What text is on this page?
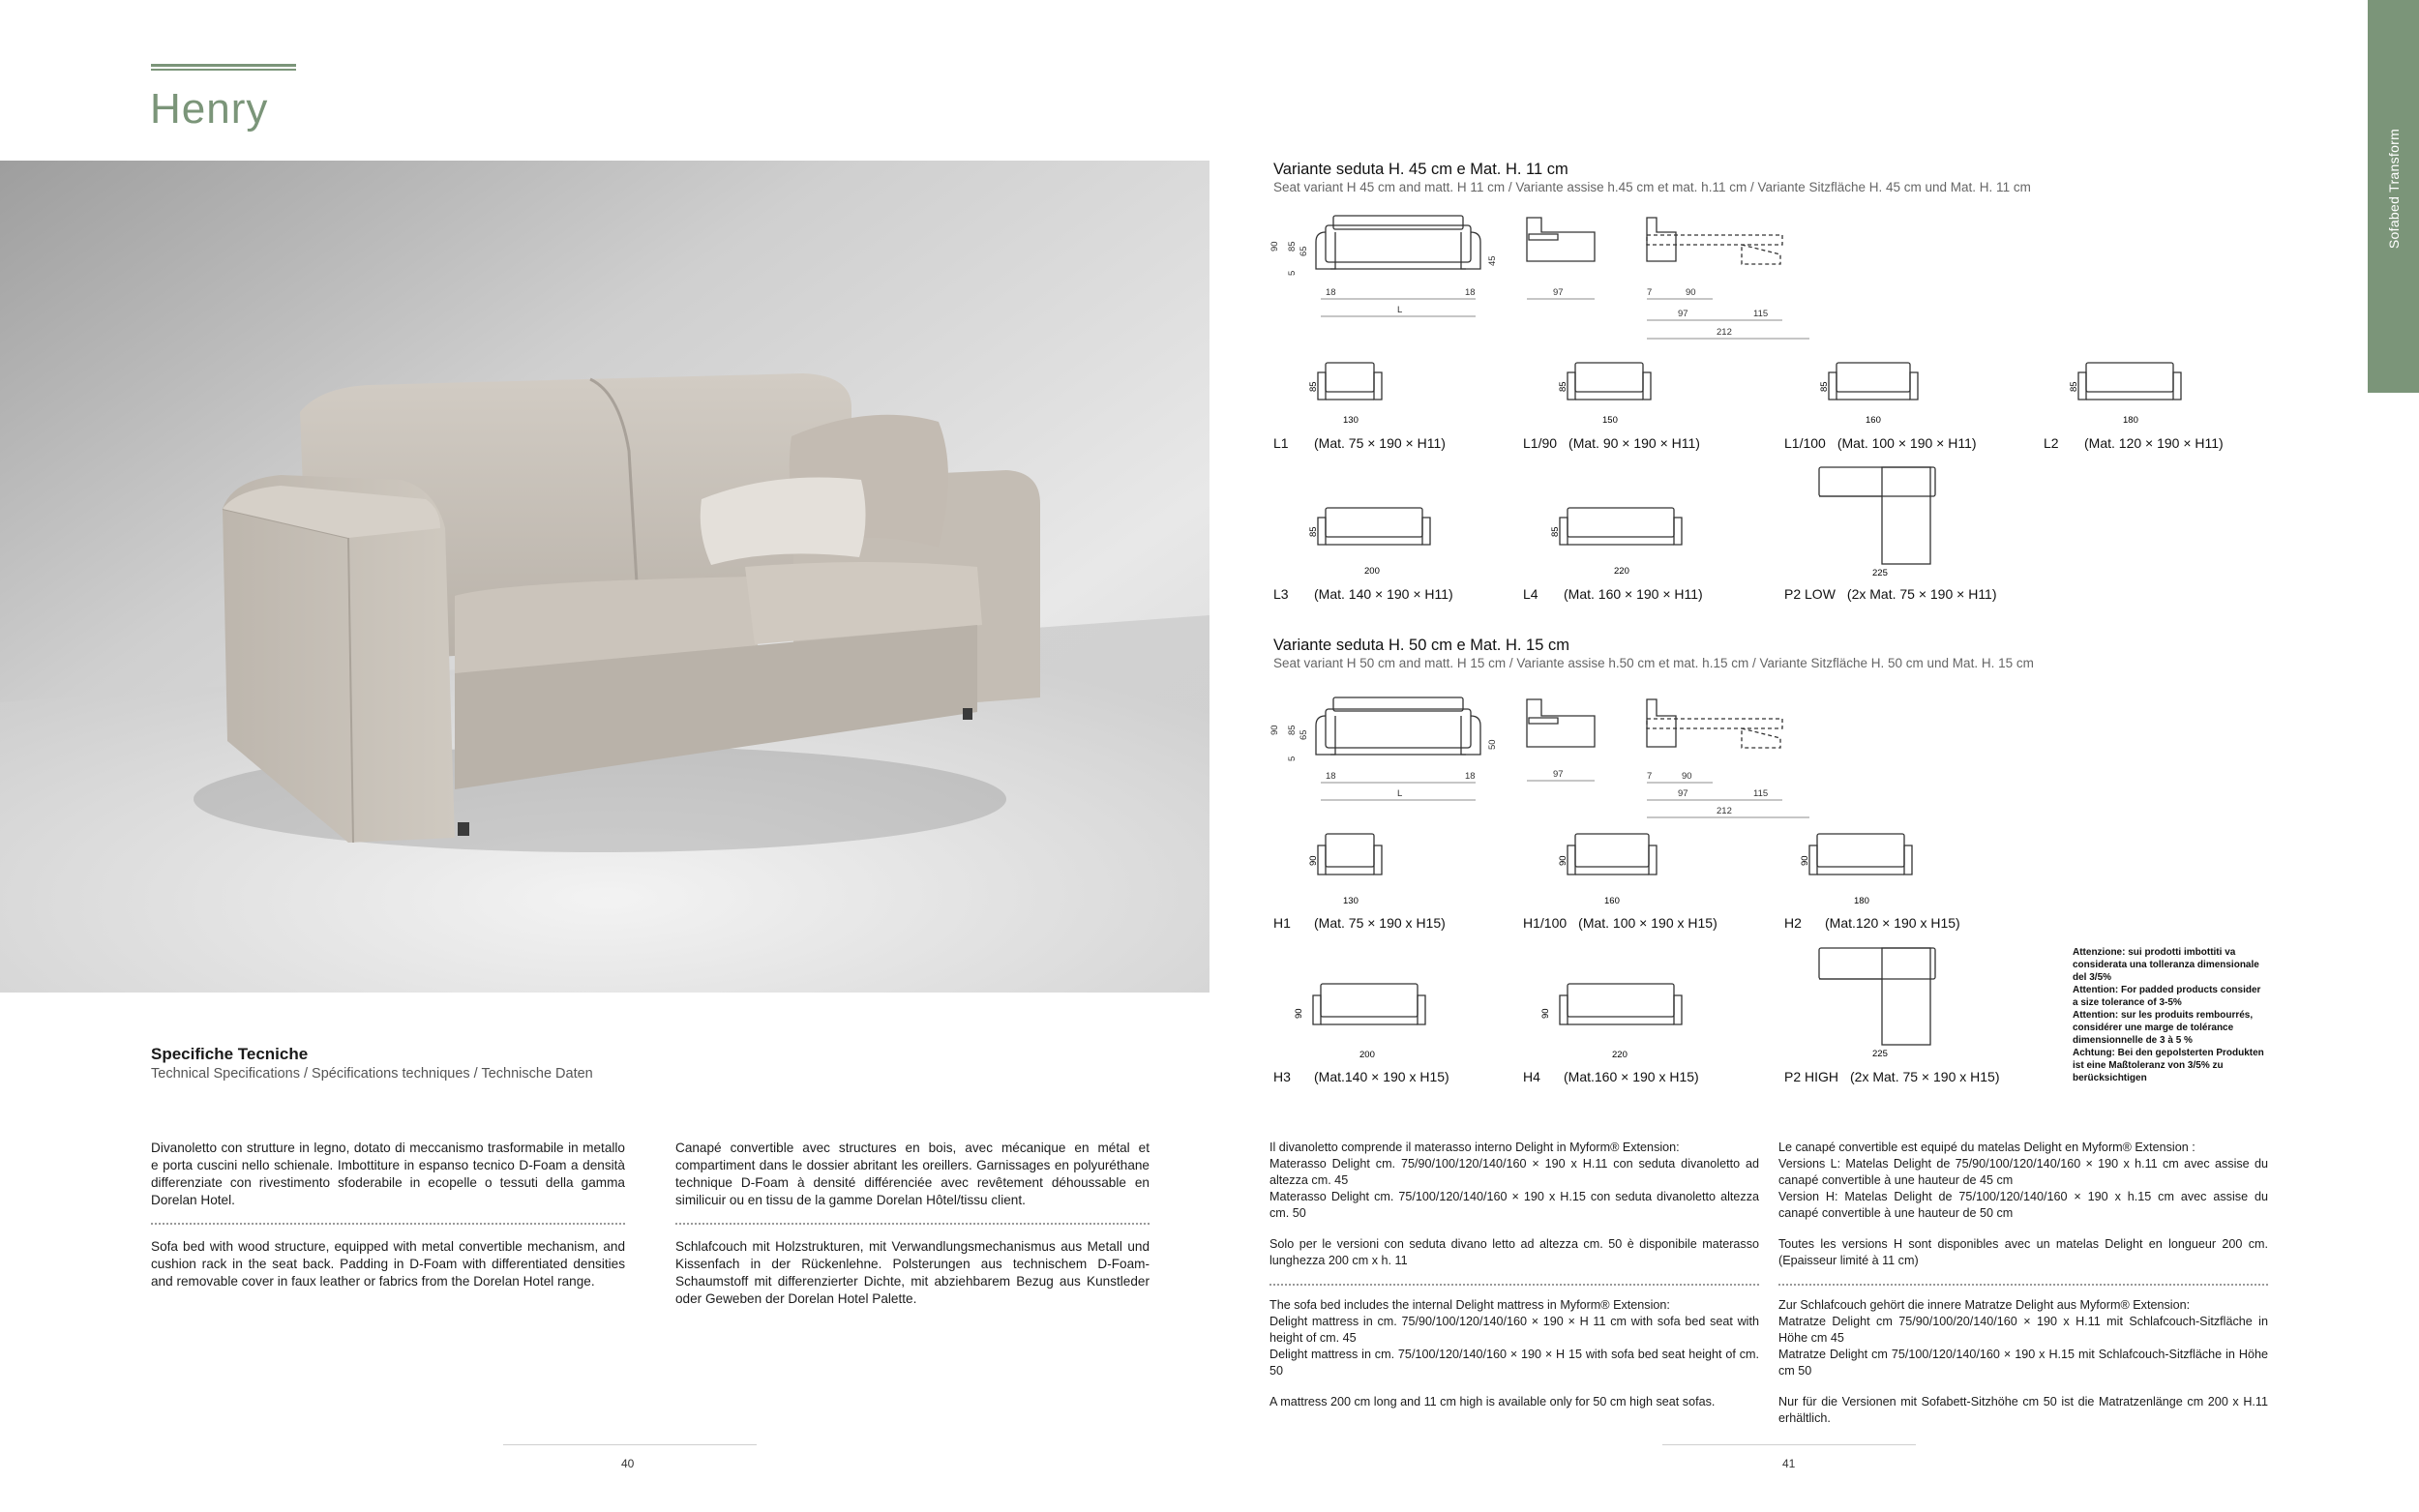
Henry
Specifiche Tecniche
Technical Specifications / Spécifications techniques / Technische Daten

Divanoletto con strutture in legno, dotato di meccanismo trasformabile in metallo e porta cuscini nello schienale. Imbottiture in espanso tecnico D-Foam a densità differenziate con rivestimento sfoderabile in ecopelle o tessuti della gamma Dorelan Hotel.

Sofa bed with wood structure, equipped with metal convertible mechanism, and cushion rack in the seat back. Padding in D-Foam with differentiated densities and removable cover in faux leather or fabrics from the Dorelan Hotel range.

Canapé convertible avec structures en bois, avec mécanique en métal et compartiment dans le dossier abritant les oreillers. Garnissages en polyuréthane technique D-Foam à densité différenciée avec revêtement déhoussable en similicuir ou en tissu de la gamme Dorelan Hôtel/tissu client.

Schlafcouch mit Holzstrukturen, mit Verwandlungsmechanismus aus Metall und Kissenfach in der Rückenlehne. Polsterungen aus technischem D-Foam-Schaumstoff mit differenzierter Dichte, mit abziehbarem Bezug aus Kunstleder oder Geweben der Dorelan Hotel Palette.

40
Sofabed Transform
Variante seduta H. 45 cm e Mat. H. 11 cm
Seat variant H 45 cm and matt. H 11 cm / Variante assise h.45 cm et mat. h.11 cm / Variante Sitzfläche H. 45 cm und Mat. H. 11 cm
90 85 65
5
45
18	18
L
97	7	90
97	115
212
85
130
85
150
85
160
85
180
L1 (Mat. 75 × 190 × H11)	L1/90 (Mat. 90 × 190 × H11)	L1/100 (Mat. 100 × 190 × H11)	L2 (Mat. 120 × 190 × H11)
85
200
85
220	225
L3 (Mat. 140 × 190 × H11)	L4 (Mat. 160 × 190 × H11)	P2 LOW (2x Mat. 75 × 190 × H11)
Variante seduta H. 50 cm e Mat. H. 15 cm
Seat variant H 50 cm and matt. H 15 cm / Variante assise h.50 cm et mat. h.15 cm / Variante Sitzfläche H. 50 cm und Mat. H. 15 cm
90 85 65
5
50
18	18
L
97	7	90
97	115
212
90
130
90
160
90
180
H1 (Mat. 75 × 190 x H15)	H1/100 (Mat. 100 × 190 x H15)	H2 (Mat.120 × 190 x H15)
90
200
90
220	225
H3 (Mat.140 × 190 x H15)	H4 (Mat.160 × 190 x H15)	P2 HIGH (2x Mat. 75 × 190 x H15)
Attenzione: sui prodotti imbottiti va considerata una tolleranza dimensionale del 3/5%
Attention: For padded products consider a size tolerance of 3-5%
Attention: sur les produits rembourrés, considérer une marge de tolérance dimensionnelle de 3 à 5 %
Achtung: Bei den gepolsterten Produkten ist eine Maßtoleranz von 3/5% zu berücksichtigen

Il divanoletto comprende il materasso interno Delight in Myform® Extension:
Materasso Delight cm. 75/90/100/120/140/160 × 190 x H.11 con seduta divanoletto ad altezza cm. 45
Materasso Delight cm. 75/100/120/140/160 × 190 x H.15 con seduta divanoletto altezza cm. 50

Solo per le versioni con seduta divano letto ad altezza cm. 50 è disponibile materasso lunghezza 200 cm x h. 11

The sofa bed includes the internal Delight mattress in Myform® Extension:
Delight mattress in cm. 75/90/100/120/140/160 × 190 × H 11 cm with sofa bed seat with height of cm. 45
Delight mattress in cm. 75/100/120/140/160 × 190 × H 15 with sofa bed seat height of cm. 50

A mattress 200 cm long and 11 cm high is available only for 50 cm high seat sofas.

Le canapé convertible est equipé du matelas Delight en Myform® Extension :
Versions L: Matelas Delight de 75/90/100/120/140/160 × 190 x h.11 cm avec assise du canapé convertible à une hauteur de 45 cm
Version H: Matelas Delight de 75/100/120/140/160 × 190 x h.15 cm avec assise du canapé convertible à une hauteur de 50 cm

Toutes les versions H sont disponibles avec un matelas Delight en longueur 200 cm. (Epaisseur limité à 11 cm)

Zur Schlafcouch gehört die innere Matratze Delight aus Myform® Extension:
Matratze Delight cm 75/90/100/20/140/160 × 190 x H.11 mit Schlafcouch-Sitzfläche in Höhe cm 45
Matratze Delight cm 75/100/120/140/160 × 190 x H.15 mit Schlafcouch-Sitzfläche in Höhe cm 50

Nur für die Versionen mit Sofabett-Sitzhöhe cm 50 ist die Matratzenlänge cm 200 x H.11 erhältlich.

41
